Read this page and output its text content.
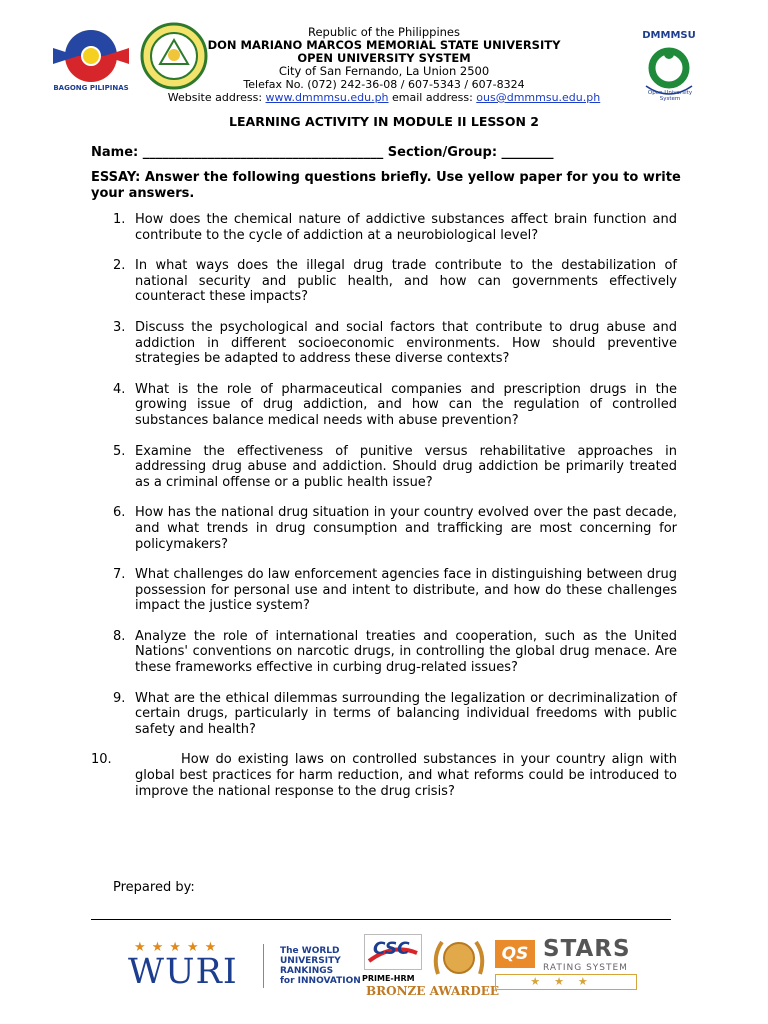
BAGONG PILIPINAS
Republic of the Philippines
DON MARIANO MARCOS MEMORIAL STATE UNIVERSITY
OPEN UNIVERSITY SYSTEM
City of San Fernando, La Union 2500
Telefax No. (072) 242-36-08 / 607-5343 / 607-8324
Website address: www.dmmmsu.edu.ph email address: ous@dmmmsu.edu.ph
DMMMSU
Open University System
LEARNING ACTIVITY IN MODULE II LESSON 2
Name: _____________________________________ Section/Group: ________
ESSAY: Answer the following questions briefly. Use yellow paper for you to write your answers.
1. How does the chemical nature of addictive substances affect brain function and contribute to the cycle of addiction at a neurobiological level?
2. In what ways does the illegal drug trade contribute to the destabilization of national security and public health, and how can governments effectively counteract these impacts?
3. Discuss the psychological and social factors that contribute to drug abuse and addiction in different socioeconomic environments. How should preventive strategies be adapted to address these diverse contexts?
4. What is the role of pharmaceutical companies and prescription drugs in the growing issue of drug addiction, and how can the regulation of controlled substances balance medical needs with abuse prevention?
5. Examine the effectiveness of punitive versus rehabilitative approaches in addressing drug abuse and addiction. Should drug addiction be primarily treated as a criminal offense or a public health issue?
6. How has the national drug situation in your country evolved over the past decade, and what trends in drug consumption and trafficking are most concerning for policymakers?
7. What challenges do law enforcement agencies face in distinguishing between drug possession for personal use and intent to distribute, and how do these challenges impact the justice system?
8. Analyze the role of international treaties and cooperation, such as the United Nations' conventions on narcotic drugs, in controlling the global drug menace. Are these frameworks effective in curbing drug-related issues?
9. What are the ethical dilemmas surrounding the legalization or decriminalization of certain drugs, particularly in terms of balancing individual freedoms with public safety and health?
10.	How do existing laws on controlled substances in your country align with global best practices for harm reduction, and what reforms could be introduced to improve the national response to the drug crisis?
Prepared by:
★★★★★
WURI
The WORLD
UNIVERSITY
RANKINGS
for INNOVATION
CSC
PRIME-HRM
BRONZE AWARDEE
QS STARS
RATING SYSTEM
★★★
